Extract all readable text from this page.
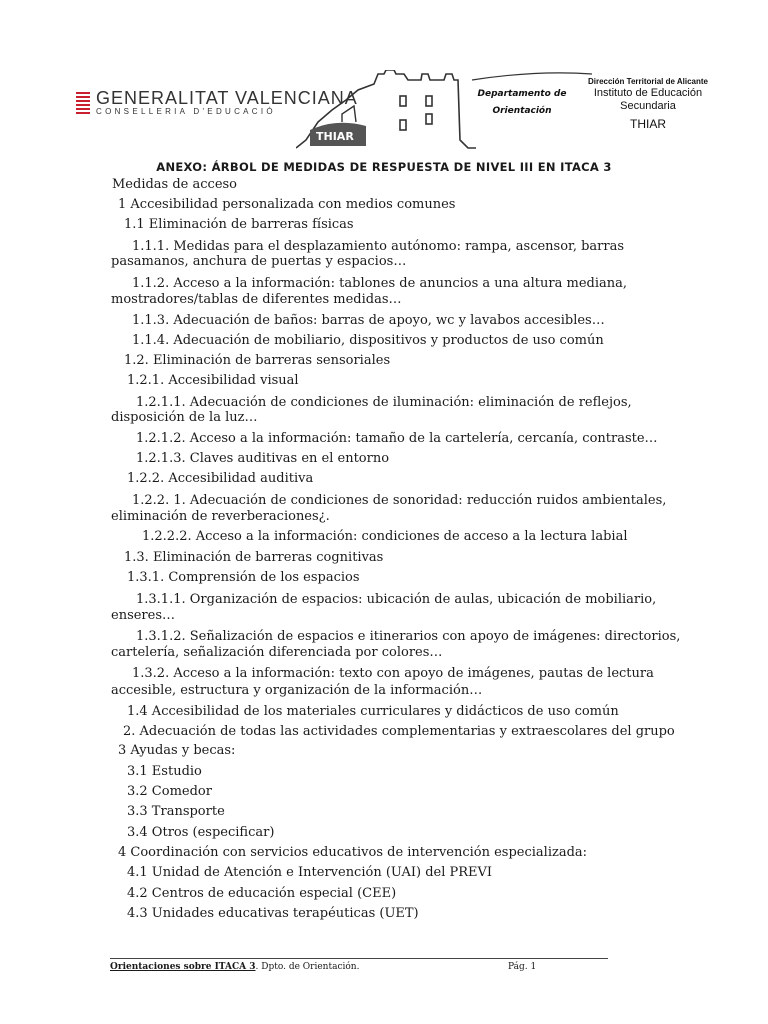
GENERALITAT VALENCIANA
CONSELLERIA D'EDUCACIÓ
THIAR
Departamento de
Orientación
Dirección Territorial de Alicante
Instituto de Educación
Secundaria
THIAR
ANEXO: ÁRBOL DE MEDIDAS DE RESPUESTA DE NIVEL III EN ITACA 3
Medidas de acceso
1 Accesibilidad personalizada con medios comunes
1.1 Eliminación de barreras físicas
1.1.1. Medidas para el desplazamiento autónomo: rampa, ascensor, barras
pasamanos, anchura de puertas y espacios…
1.1.2. Acceso a la información: tablones de anuncios a una altura mediana,
mostradores/tablas de diferentes medidas…
1.1.3. Adecuación de baños: barras de apoyo, wc y lavabos accesibles…
1.1.4. Adecuación de mobiliario, dispositivos y productos de uso común
1.2. Eliminación de barreras sensoriales
1.2.1. Accesibilidad visual
1.2.1.1. Adecuación de condiciones de iluminación: eliminación de reflejos,
disposición de la luz…
1.2.1.2. Acceso a la información: tamaño de la cartelería, cercanía, contraste…
1.2.1.3. Claves auditivas en el entorno
1.2.2. Accesibilidad auditiva
1.2.2. 1. Adecuación de condiciones de sonoridad: reducción ruidos ambientales,
eliminación de reverberaciones¿.
1.2.2.2. Acceso a la información: condiciones de acceso a la lectura labial
1.3. Eliminación de barreras cognitivas
1.3.1. Comprensión de los espacios
1.3.1.1. Organización de espacios: ubicación de aulas, ubicación de mobiliario,
enseres…
1.3.1.2. Señalización de espacios e itinerarios con apoyo de imágenes: directorios,
cartelería, señalización diferenciada por colores…
1.3.2. Acceso a la información: texto con apoyo de imágenes, pautas de lectura
accesible, estructura y organización de la información…
1.4 Accesibilidad de los materiales curriculares y didácticos de uso común
2. Adecuación de todas las actividades complementarias y extraescolares del grupo
3 Ayudas y becas:
3.1 Estudio
3.2 Comedor
3.3 Transporte
3.4 Otros (especificar)
4 Coordinación con servicios educativos de intervención especializada:
4.1 Unidad de Atención e Intervención (UAI) del PREVI
4.2 Centros de educación especial (CEE)
4.3 Unidades educativas terapéuticas (UET)
Orientaciones sobre ITACA 3. Dpto. de Orientación.	Pág. 1
